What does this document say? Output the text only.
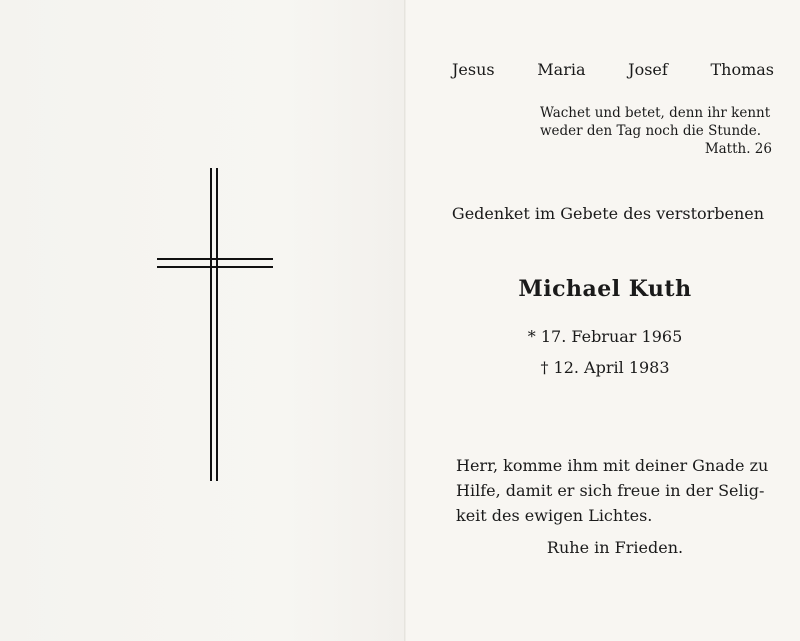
Jesus	Maria	Josef	Thomas
Wachet und betet, denn ihr kennt
weder den Tag noch die Stunde.
Matth. 26
Gedenket im Gebete des verstorbenen
Michael Kuth
* 17. Februar 1965
† 12. April 1983
Herr, komme ihm mit deiner Gnade zu
Hilfe, damit er sich freue in der Selig-
keit des ewigen Lichtes.
Ruhe in Frieden.
